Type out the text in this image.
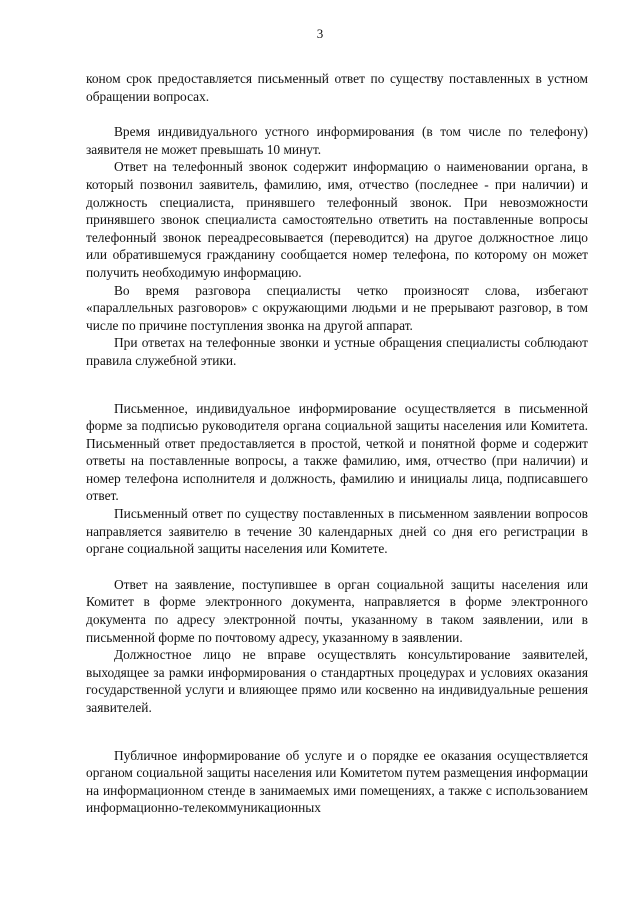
3

коном срок предоставляется письменный ответ по существу поставленных в устном обращении вопросах.

Время индивидуального устного информирования (в том числе по телефону) заявителя не может превышать 10 минут.

Ответ на телефонный звонок содержит информацию о наименовании органа, в который позвонил заявитель, фамилию, имя, отчество (последнее - при наличии) и должность специалиста, принявшего телефонный звонок. При невозможности принявшего звонок специалиста самостоятельно ответить на поставленные вопросы телефонный звонок переадресовывается (переводится) на другое должностное лицо или обратившемуся гражданину сообщается номер телефона, по которому он может получить необходимую информацию.

Во время разговора специалисты четко произносят слова, избегают «параллельных разговоров» с окружающими людьми и не прерывают разговор, в том числе по причине поступления звонка на другой аппарат.

При ответах на телефонные звонки и устные обращения специалисты соблюдают правила служебной этики.

Письменное, индивидуальное информирование осуществляется в письменной форме за подписью руководителя органа социальной защиты населения или Комитета. Письменный ответ предоставляется в простой, четкой и понятной форме и содержит ответы на поставленные вопросы, а также фамилию, имя, отчество (при наличии) и номер телефона исполнителя и должность, фамилию и инициалы лица, подписавшего ответ.

Письменный ответ по существу поставленных в письменном заявлении вопросов направляется заявителю в течение 30 календарных дней со дня его регистрации в органе социальной защиты населения или Комитете.

Ответ на заявление, поступившее в орган социальной защиты населения или Комитет в форме электронного документа, направляется в форме электронного документа по адресу электронной почты, указанному в таком заявлении, или в письменной форме по почтовому адресу, указанному в заявлении.

Должностное лицо не вправе осуществлять консультирование заявителей, выходящее за рамки информирования о стандартных процедурах и условиях оказания государственной услуги и влияющее прямо или косвенно на индивидуальные решения заявителей.

Публичное информирование об услуге и о порядке ее оказания осуществляется органом социальной защиты населения или Комитетом путем размещения информации на информационном стенде в занимаемых ими помещениях, а также с использованием информационно-телекоммуникационных
